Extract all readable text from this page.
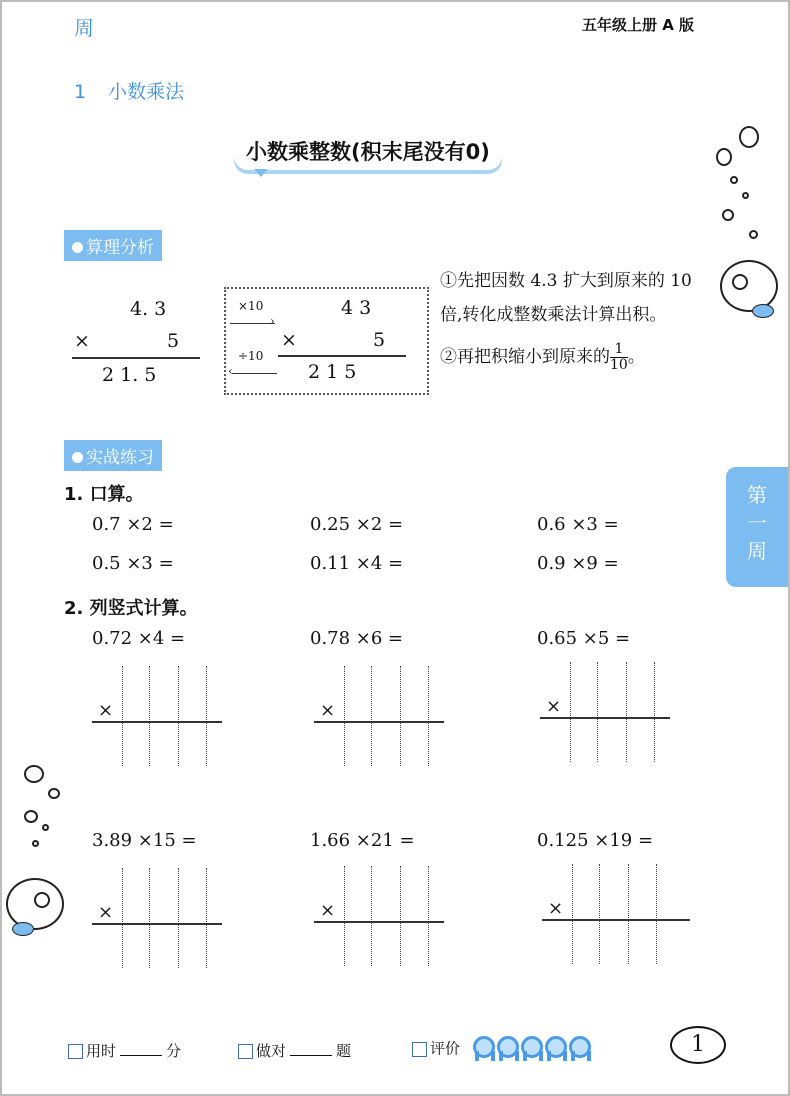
周	五年级上册 A 版
1 小数乘法
小数乘整数(积末尾没有0)
算理分析
4. 3
×	5
2 1. 5
×10
›
÷10
‹
4 3
×	5
2 1 5
①先把因数 4.3 扩大到原来的 10 倍,转化成整数乘法计算出积。
②再把积缩小到原来的 $\frac{1}{10}$ 。
实战练习
1. 口算。
0.7 ×2 =	0.25 ×2 =	0.6 ×3 =
0.5 ×3 =	0.11 ×4 =	0.9 ×9 =
2. 列竖式计算。
0.72 ×4 =	0.78 ×6 =	0.65 ×5 =
3.89 ×15 =	1.66 ×21 =	0.125 ×19 =
×	×	×
×	×	×
第
一
周
用时	分	做对	题	评价	1
